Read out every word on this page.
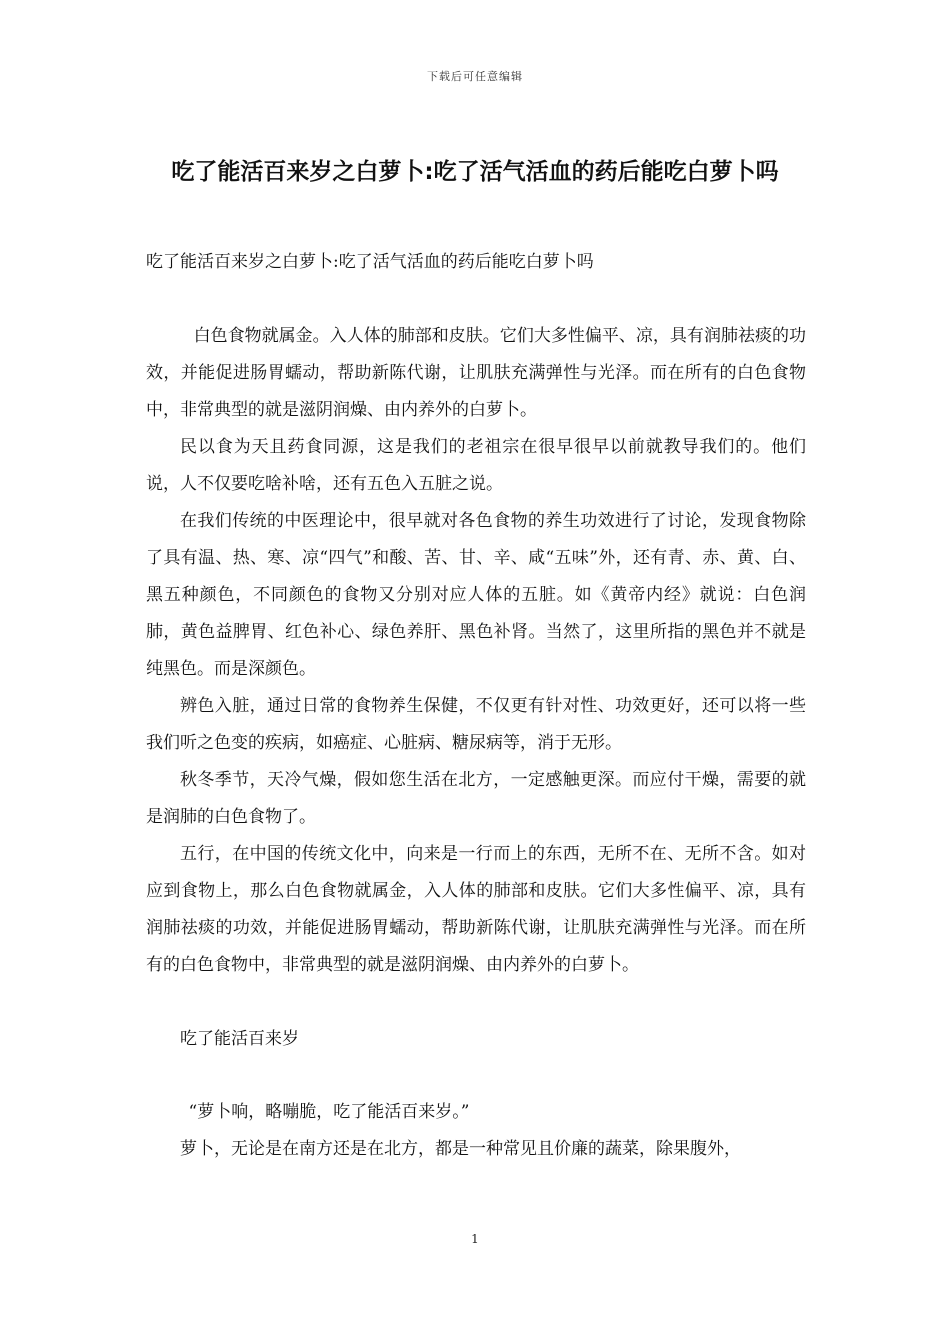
下载后可任意编辑
吃了能活百来岁之白萝卜:吃了活气活血的药后能吃白萝卜吗

吃了能活百来岁之白萝卜:吃了活气活血的药后能吃白萝卜吗

白色食物就属金。入人体的肺部和皮肤。它们大多性偏平、凉，具有润肺祛痰的功效，并能促进肠胃蠕动，帮助新陈代谢，让肌肤充满弹性与光泽。而在所有的白色食物中，非常典型的就是滋阴润燥、由内养外的白萝卜。

民以食为天且药食同源，这是我们的老祖宗在很早很早以前就教导我们的。他们说，人不仅要吃啥补啥，还有五色入五脏之说。

在我们传统的中医理论中，很早就对各色食物的养生功效进行了讨论，发现食物除了具有温、热、寒、凉“四气”和酸、苦、甘、辛、咸“五味”外，还有青、赤、黄、白、黑五种颜色，不同颜色的食物又分别对应人体的五脏。如《黄帝内经》就说：白色润肺，黄色益脾胃、红色补心、绿色养肝、黑色补肾。当然了，这里所指的黑色并不就是纯黑色。而是深颜色。

辨色入脏，通过日常的食物养生保健，不仅更有针对性、功效更好，还可以将一些我们听之色变的疾病，如癌症、心脏病、糖尿病等，消于无形。

秋冬季节，天冷气燥，假如您生活在北方，一定感触更深。而应付干燥，需要的就是润肺的白色食物了。

五行，在中国的传统文化中，向来是一行而上的东西，无所不在、无所不含。如对应到食物上，那么白色食物就属金，入人体的肺部和皮肤。它们大多性偏平、凉，具有润肺祛痰的功效，并能促进肠胃蠕动，帮助新陈代谢，让肌肤充满弹性与光泽。而在所有的白色食物中，非常典型的就是滋阴润燥、由内养外的白萝卜。

吃了能活百来岁

“萝卜响，略嘣脆，吃了能活百来岁。”

萝卜，无论是在南方还是在北方，都是一种常见且价廉的蔬菜，除果腹外，

1
